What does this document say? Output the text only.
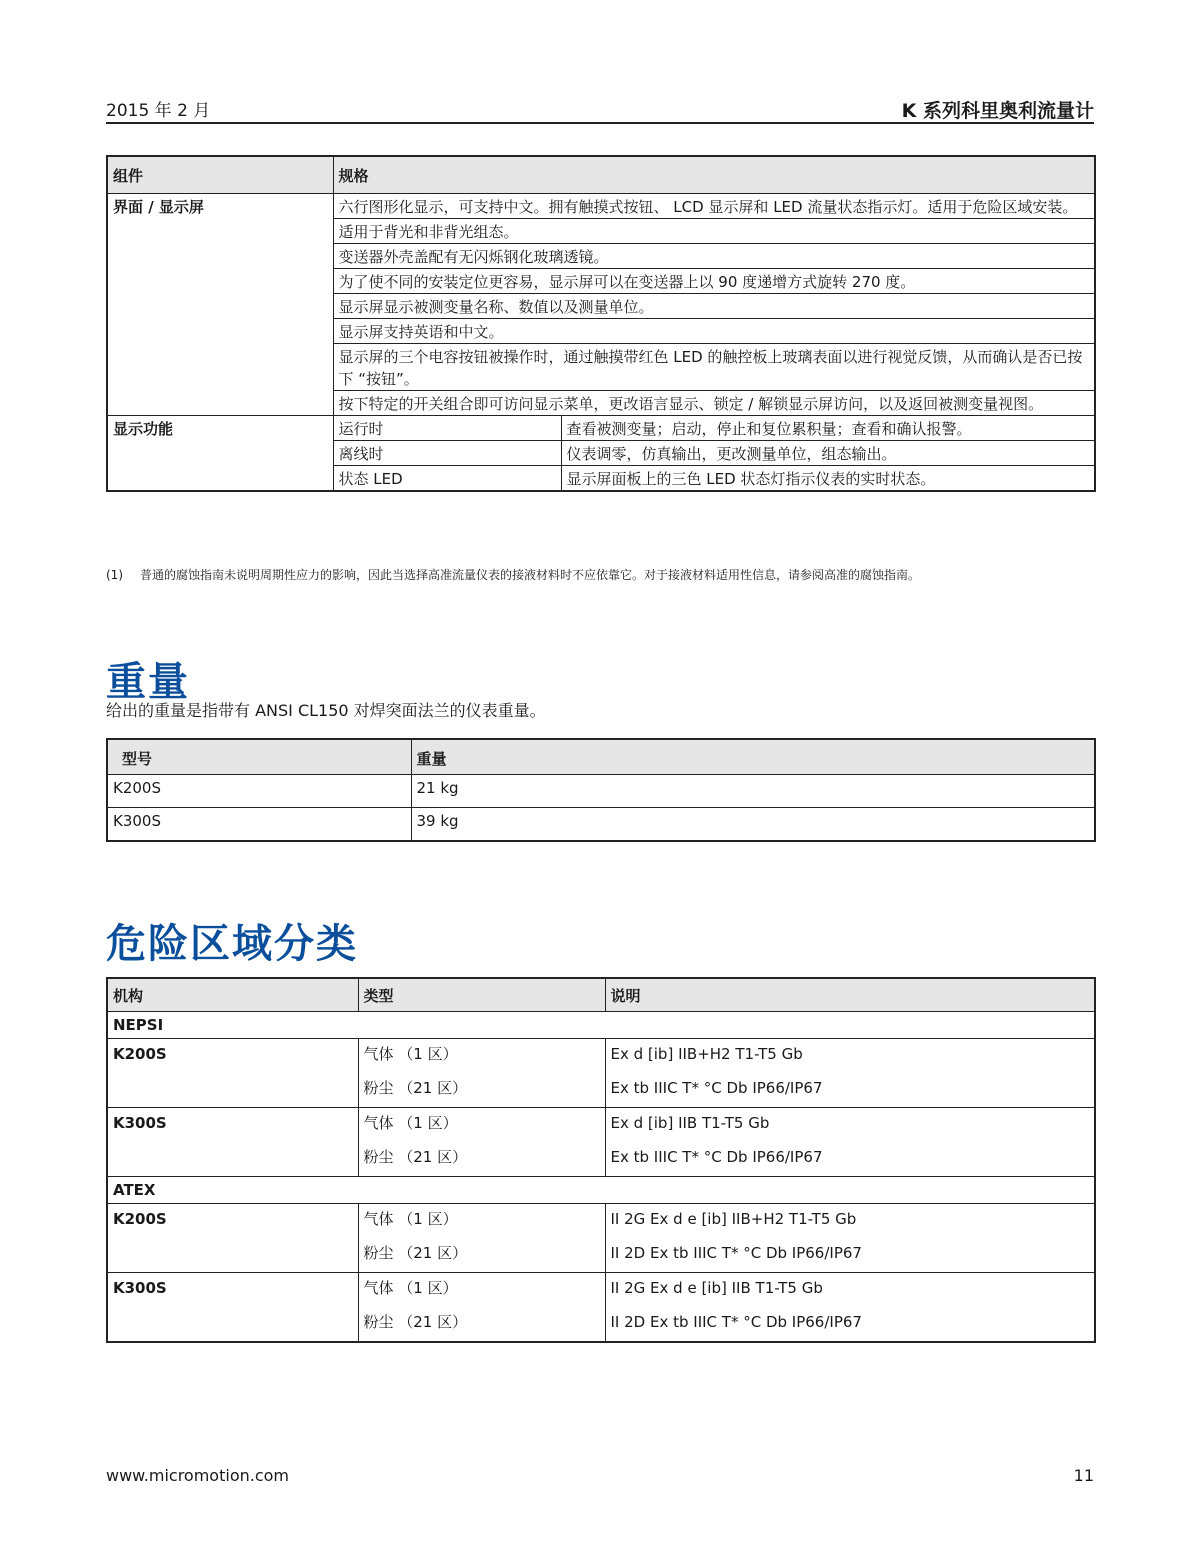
2015 年 2 月	K 系列科里奥利流量计
组件	规格	
界面 / 显示屏	六行图形化显示，可支持中文。拥有触摸式按钮、 LCD 显示屏和 LED 流量状态指示灯。适用于危险区域安装。	
	适用于背光和非背光组态。	
	变送器外壳盖配有无闪烁钢化玻璃透镜。	
	为了使不同的安装定位更容易，显示屏可以在变送器上以 90 度递增方式旋转 270 度。	
	显示屏显示被测变量名称、数值以及测量单位。	
	显示屏支持英语和中文。	
	显示屏的三个电容按钮被操作时，通过触摸带红色 LED 的触控板上玻璃表面以进行视觉反馈，从而确认是否已按下 “按钮”。	
	按下特定的开关组合即可访问显示菜单，更改语言显示、锁定 / 解锁显示屏访问，以及返回被测变量视图。	
显示功能	运行时	查看被测变量；启动，停止和复位累积量；查看和确认报警。
	离线时	仪表调零，仿真输出，更改测量单位，组态输出。
	状态 LED	显示屏面板上的三色 LED 状态灯指示仪表的实时状态。
(1) 普通的腐蚀指南未说明周期性应力的影响，因此当选择高准流量仪表的接液材料时不应依靠它。对于接液材料适用性信息，请参阅高准的腐蚀指南。
重量
给出的重量是指带有 ANSI CL150 对焊突面法兰的仪表重量。
型号	重量
K200S	21 kg
K300S	39 kg
危险区域分类
机构	类型	说明
NEPSI		
K200S	气体 （1 区）	Ex d [ib] IIB+H2 T1-T5 Gb
	粉尘 （21 区）	Ex tb IIIC T* °C Db IP66/IP67
K300S	气体 （1 区）	Ex d [ib] IIB T1-T5 Gb
	粉尘 （21 区）	Ex tb IIIC T* °C Db IP66/IP67
ATEX		
K200S	气体 （1 区）	II 2G Ex d e [ib] IIB+H2 T1-T5 Gb
	粉尘 （21 区）	II 2D Ex tb IIIC T* °C Db IP66/IP67
K300S	气体 （1 区）	II 2G Ex d e [ib] IIB T1-T5 Gb
	粉尘 （21 区）	II 2D Ex tb IIIC T* °C Db IP66/IP67
www.micromotion.com	11
